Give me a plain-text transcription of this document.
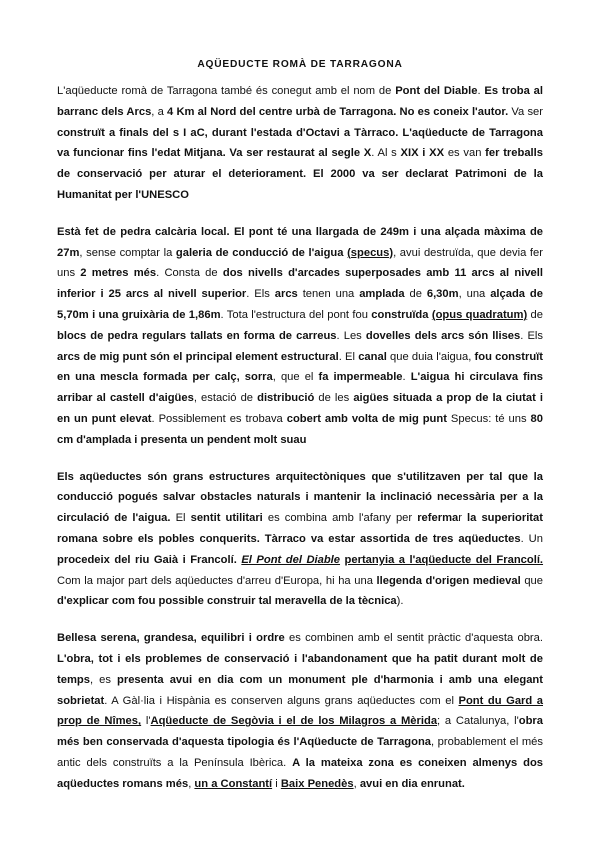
AQÜEDUCTE ROMÀ DE TARRAGONA

L'aqüeducte romà de Tarragona també és conegut amb el nom de Pont del Diable. Es troba al barranc dels Arcs, a 4 Km al Nord del centre urbà de Tarragona. No es coneix l'autor. Va ser construït a finals del s I aC, durant l'estada d'Octavi a Tàrraco. L'aqüeducte de Tarragona va funcionar fins l'edat Mitjana. Va ser restaurat al segle X. Al s XIX i XX es van fer treballs de conservació per aturar el deteriorament. El 2000 va ser declarat Patrimoni de la Humanitat per l'UNESCO

Està fet de pedra calcària local. El pont té una llargada de 249m i una alçada màxima de 27m, sense comptar la galeria de conducció de l'aigua (specus), avui destruïda, que devia fer uns 2 metres més. Consta de dos nivells d'arcades superposades amb 11 arcs al nivell inferior i 25 arcs al nivell superior. Els arcs tenen una amplada de 6,30m, una alçada de 5,70m i una gruixària de 1,86m. Tota l'estructura del pont fou construïda (opus quadratum) de blocs de pedra regulars tallats en forma de carreus. Les dovelles dels arcs són llises. Els arcs de mig punt són el principal element estructural. El canal que duia l'aigua, fou construït en una mescla formada per calç, sorra, que el fa impermeable. L'aigua hi circulava fins arribar al castell d'aigües, estació de distribució de les aigües situada a prop de la ciutat i en un punt elevat. Possiblement es trobava cobert amb volta de mig punt Specus: té uns 80 cm d'amplada i presenta un pendent molt suau

Els aqüeductes són grans estructures arquitectòniques que s'utilitzaven per tal que la conducció pogués salvar obstacles naturals i mantenir la inclinació necessària per a la circulació de l'aigua. El sentit utilitari es combina amb l'afany per refermar la superioritat romana sobre els pobles conquerits. Tàrraco va estar assortida de tres aqüeductes. Un procedeix del riu Gaià i Francolí. El Pont del Diable pertanyia a l'aqüeducte del Francolí. Com la major part dels aqüeductes d'arreu d'Europa, hi ha una llegenda d'origen medieval que d'explicar com fou possible construir tal meravella de la tècnica).

Bellesa serena, grandesa, equilibri i ordre es combinen amb el sentit pràctic d'aquesta obra. L'obra, tot i els problemes de conservació i l'abandonament que ha patit durant molt de temps, es presenta avui en dia com un monument ple d'harmonia i amb una elegant sobrietat. A Gàl·lia i Hispània es conserven alguns grans aqüeductes com el Pont du Gard a prop de Nîmes, l'Aqüeducte de Segòvia i el de los Milagros a Mèrida; a Catalunya, l'obra més ben conservada d'aquesta tipologia és l'Aqüeducte de Tarragona, probablement el més antic dels construïts a la Península Ibèrica. A la mateixa zona es coneixen almenys dos aqüeductes romans més, un a Constantí i Baix Penedès, avui en dia enrunat.
